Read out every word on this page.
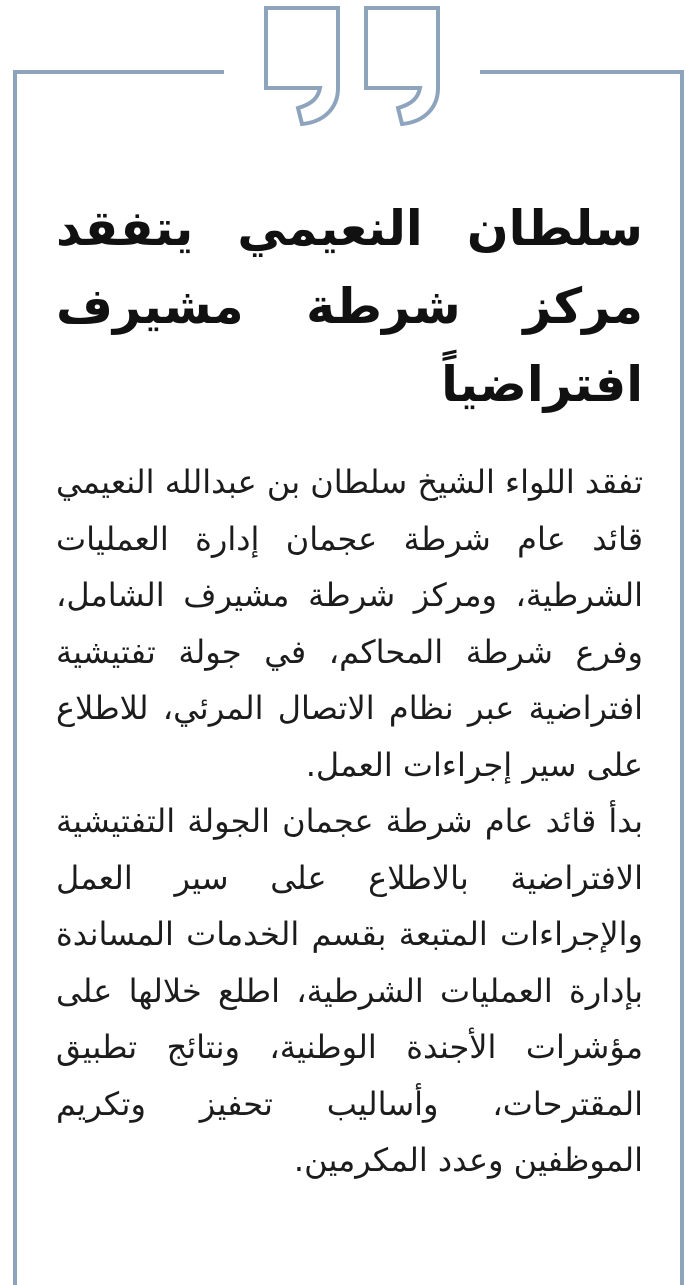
سلطان النعيمي يتفقد مركز شرطة مشيرف افتراضياً

تفقد اللواء الشيخ سلطان بن عبدالله النعيمي قائد عام شرطة عجمان إدارة العمليات الشرطية، ومركز شرطة مشيرف الشامل، وفرع شرطة المحاكم، في جولة تفتيشية افتراضية عبر نظام الاتصال المرئي، للاطلاع على سير إجراءات العمل.

بدأ قائد عام شرطة عجمان الجولة التفتيشية الافتراضية بالاطلاع على سير العمل والإجراءات المتبعة بقسم الخدمات المساندة بإدارة العمليات الشرطية، اطلع خلالها على مؤشرات الأجندة الوطنية، ونتائج تطبيق المقترحات، وأساليب تحفيز وتكريم الموظفين وعدد المكرمين.
